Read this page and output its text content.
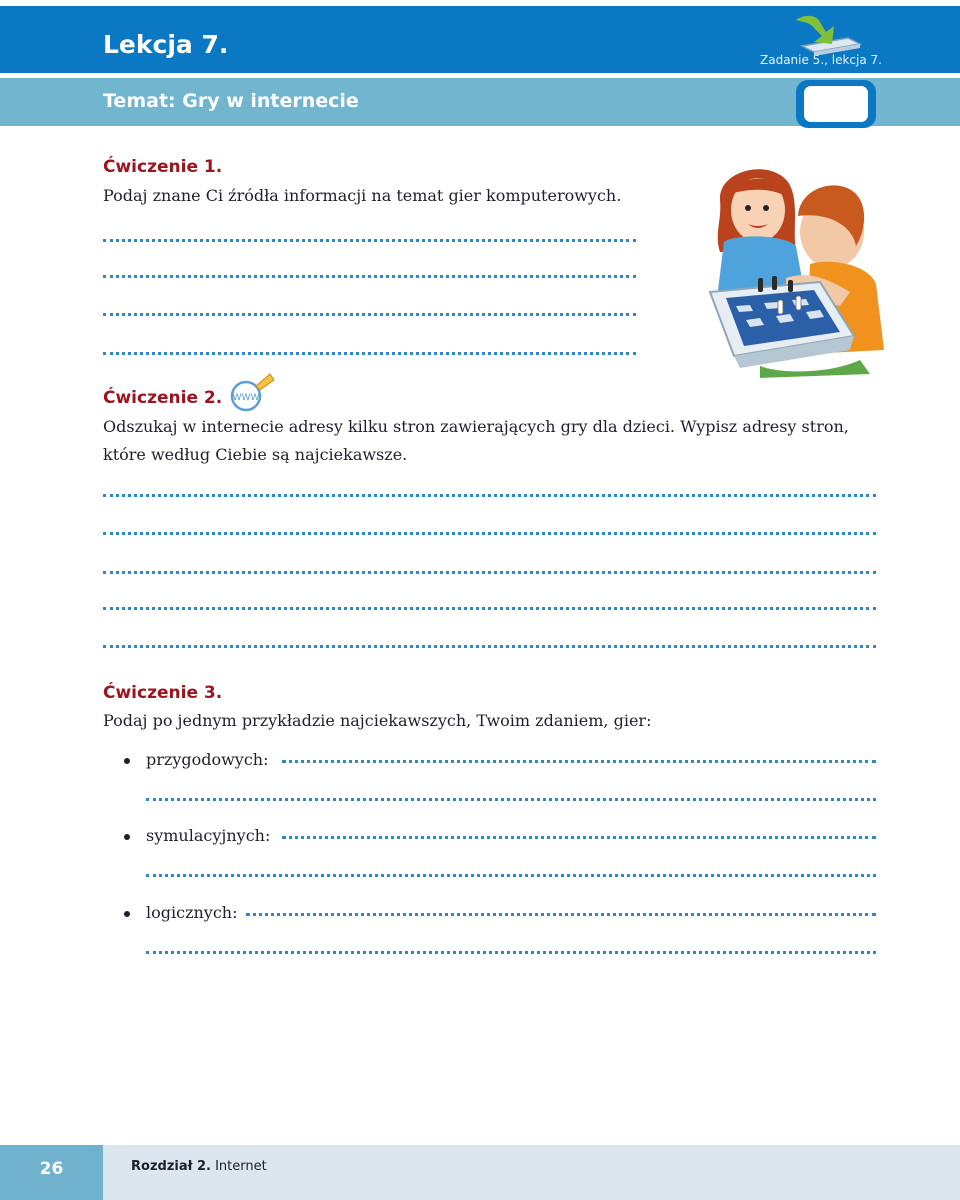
Lekcja 7.
Zadanie 5., lekcja 7.
Temat: Gry w internecie
Ćwiczenie 1.
Podaj znane Ci źródła informacji na temat gier komputerowych.
Ćwiczenie 2. WWW
Odszukaj w internecie adresy kilku stron zawierających gry dla dzieci. Wypisz adresy stron,
które według Ciebie są najciekawsze.
Ćwiczenie 3.
Podaj po jednym przykładzie najciekawszych, Twoim zdaniem, gier:
przygodowych:
symulacyjnych:
logicznych:
26	Rozdział 2. Internet
